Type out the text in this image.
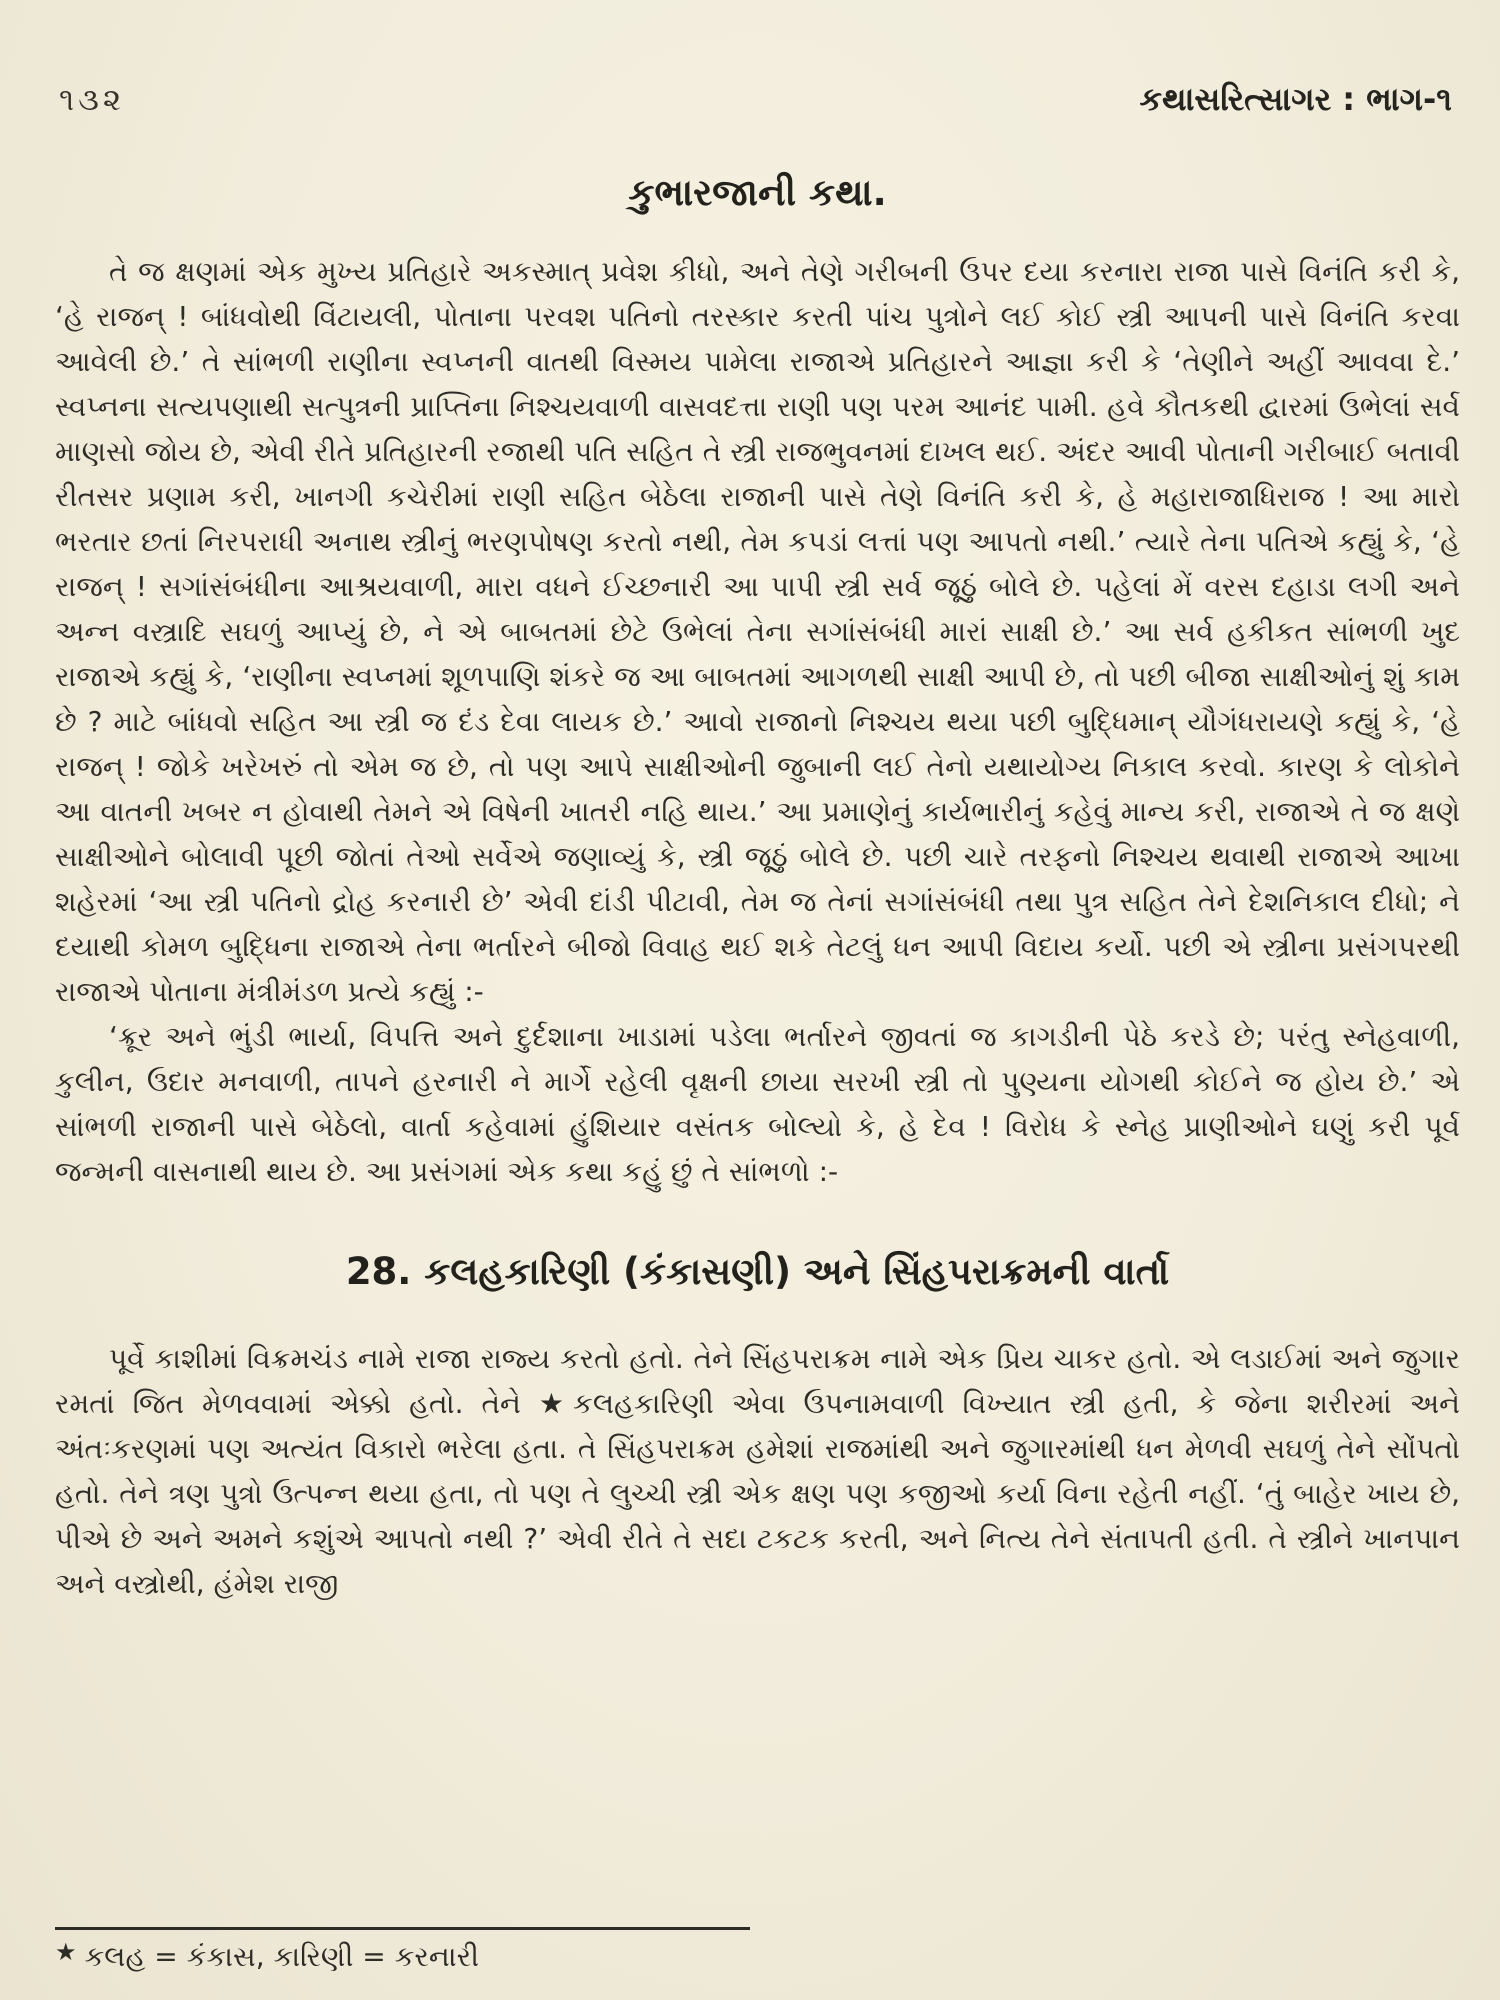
૧૩૨	કથાસરિત્સાગર : ભાગ-૧
કુભારજાની કથા.

તે જ ક્ષણમાં એક મુખ્ય પ્રતિહારે અકસ્માત્ પ્રવેશ કીધો, અને તેણે ગરીબની ઉપર દયા કરનારા રાજા પાસે વિનંતિ કરી કે, ‘હે રાજન્ ! બાંધવોથી વિંટાયલી, પોતાના પરવશ પતિનો તરસ્કાર કરતી પાંચ પુત્રોને લઈ કોઈ સ્ત્રી આપની પાસે વિનંતિ કરવા આવેલી છે.’ તે સાંભળી રાણીના સ્વપ્નની વાતથી વિસ્મય પામેલા રાજાએ પ્રતિહારને આજ્ઞા કરી કે ‘તેણીને અહીં આવવા દે.’ સ્વપ્નના સત્યપણાથી સત્પુત્રની પ્રાપ્તિના નિશ્ચયવાળી વાસવદત્તા રાણી પણ પરમ આનંદ પામી. હવે કૌતકથી દ્વારમાં ઉભેલાં સર્વ માણસો જોય છે, એવી રીતે પ્રતિહારની રજાથી પતિ સહિત તે સ્ત્રી રાજભુવનમાં દાખલ થઈ. અંદર આવી પોતાની ગરીબાઈ બતાવી રીતસર પ્રણામ કરી, ખાનગી કચેરીમાં રાણી સહિત બેઠેલા રાજાની પાસે તેણે વિનંતિ કરી કે, હે મહારાજાધિરાજ ! આ મારો ભરતાર છતાં નિરપરાધી અનાથ સ્ત્રીનું ભરણપોષણ કરતો નથી, તેમ કપડાં લત્તાં પણ આપતો નથી.’ ત્યારે તેના પતિએ કહ્યું કે, ‘હે રાજન્ ! સગાંસંબંધીના આશ્રયવાળી, મારા વધને ઈચ્છનારી આ પાપી સ્ત્રી સર્વ જૂઠું બોલે છે. પહેલાં મેં વરસ દહાડા લગી અને અન્ન વસ્ત્રાદિ સઘળું આપ્યું છે, ને એ બાબતમાં છેટે ઉભેલાં તેના સગાંસંબંધી મારાં સાક્ષી છે.’ આ સર્વ હકીકત સાંભળી ખુદ રાજાએ કહ્યું કે, ‘રાણીના સ્વપ્નમાં શૂળપાણિ શંકરે જ આ બાબતમાં આગળથી સાક્ષી આપી છે, તો પછી બીજા સાક્ષીઓનું શું કામ છે ? માટે બાંધવો સહિત આ સ્ત્રી જ દંડ દેવા લાયક છે.’ આવો રાજાનો નિશ્ચય થયા પછી બુદ્ધિમાન્ યૌગંધરાયણે કહ્યું કે, ‘હે રાજન્ ! જોકે ખરેખરું તો એમ જ છે, તો પણ આપે સાક્ષીઓની જુબાની લઈ તેનો યથાયોગ્ય નિકાલ કરવો. કારણ કે લોકોને આ વાતની ખબર ન હોવાથી તેમને એ વિષેની ખાતરી નહિ થાય.’ આ પ્રમાણેનું કાર્યભારીનું કહેવું માન્ય કરી, રાજાએ તે જ ક્ષણે સાક્ષીઓને બોલાવી પૂછી જોતાં તેઓ સર્વેએ જણાવ્યું કે, સ્ત્રી જૂઠું બોલે છે. પછી ચારે તરફનો નિશ્ચય થવાથી રાજાએ આખા શહેરમાં ‘આ સ્ત્રી પતિનો દ્રોહ કરનારી છે’ એવી દાંડી પીટાવી, તેમ જ તેનાં સગાંસંબંધી તથા પુત્ર સહિત તેને દેશનિકાલ દીધો; ને દયાથી કોમળ બુદ્ધિના રાજાએ તેના ભર્તારને બીજો વિવાહ થઈ શકે તેટલું ધન આપી વિદાય કર્યો. પછી એ સ્ત્રીના પ્રસંગપરથી રાજાએ પોતાના મંત્રીમંડળ પ્રત્યે કહ્યું :-

‘ક્રૂર અને ભુંડી ભાર્યા, વિપત્તિ અને દુર્દશાના ખાડામાં પડેલા ભર્તારને જીવતાં જ કાગડીની પેઠે કરડે છે; પરંતુ સ્નેહવાળી, કુલીન, ઉદાર મનવાળી, તાપને હરનારી ને માર્ગે રહેલી વૃક્ષની છાયા સરખી સ્ત્રી તો પુણ્યના યોગથી કોઈને જ હોય છે.’ એ સાંભળી રાજાની પાસે બેઠેલો, વાર્તા કહેવામાં હુંશિયાર વસંતક બોલ્યો કે, હે દેવ ! વિરોધ કે સ્નેહ પ્રાણીઓને ઘણું કરી પૂર્વ જન્મની વાસનાથી થાય છે. આ પ્રસંગમાં એક કથા કહું છું તે સાંભળો :-

28. કલહકારિણી (કંકાસણી) અને સિંહપરાક્રમની વાર્તા

પૂર્વે કાશીમાં વિક્રમચંડ નામે રાજા રાજ્ય કરતો હતો. તેને સિંહપરાક્રમ નામે એક પ્રિય ચાકર હતો. એ લડાઈમાં અને જુગાર રમતાં જિત મેળવવામાં એક્કો હતો. તેને ★કલહકારિણી એવા ઉપનામવાળી વિખ્યાત સ્ત્રી હતી, કે જેના શરીરમાં અને અંતઃકરણમાં પણ અત્યંત વિકારો ભરેલા હતા. તે સિંહપરાક્રમ હમેશાં રાજમાંથી અને જુગારમાંથી ધન મેળવી સઘળું તેને સોંપતો હતો. તેને ત્રણ પુત્રો ઉત્પન્ન થયા હતા, તો પણ તે લુચ્ચી સ્ત્રી એક ક્ષણ પણ કજીઓ કર્યા વિના રહેતી નહીં. ‘તું બાહેર ખાય છે, પીએ છે અને અમને કશુંએ આપતો નથી ?’ એવી રીતે તે સદા ટકટક કરતી, અને નિત્ય તેને સંતાપતી હતી. તે સ્ત્રીને ખાનપાન અને વસ્ત્રોથી, હંમેશ રાજી

★ કલહ = કંકાસ, કારિણી = કરનારી
